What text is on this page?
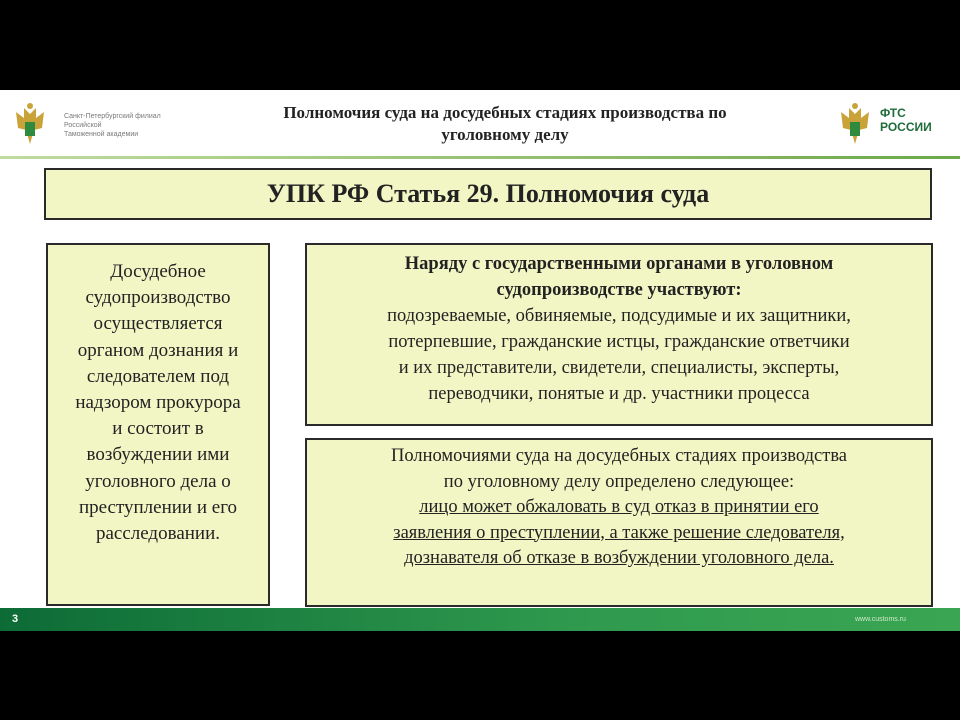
Санкт-Петербургский филиал
Российской
Таможенной академии
Полномочия суда на досудебных стадиях производства по
уголовному делу
ФТС
РОССИИ
УПК РФ Статья 29. Полномочия суда
Досудебное
судопроизводство
осуществляется
органом дознания и
следователем под
надзором прокурора
и состоит в
возбуждении ими
уголовного дела о
преступлении и его
расследовании.
Наряду с государственными органами в уголовном
судопроизводстве участвуют:
подозреваемые, обвиняемые, подсудимые и их защитники,
потерпевшие, гражданские истцы, гражданские ответчики
и их представители, свидетели, специалисты, эксперты,
переводчики, понятые и др. участники процесса
Полномочиями суда на досудебных стадиях производства
по уголовному делу определено следующее:
лицо может обжаловать в суд отказ в принятии его
заявления о преступлении, а также решение следователя,
дознавателя об отказе в возбуждении уголовного дела.
3	www.customs.ru
